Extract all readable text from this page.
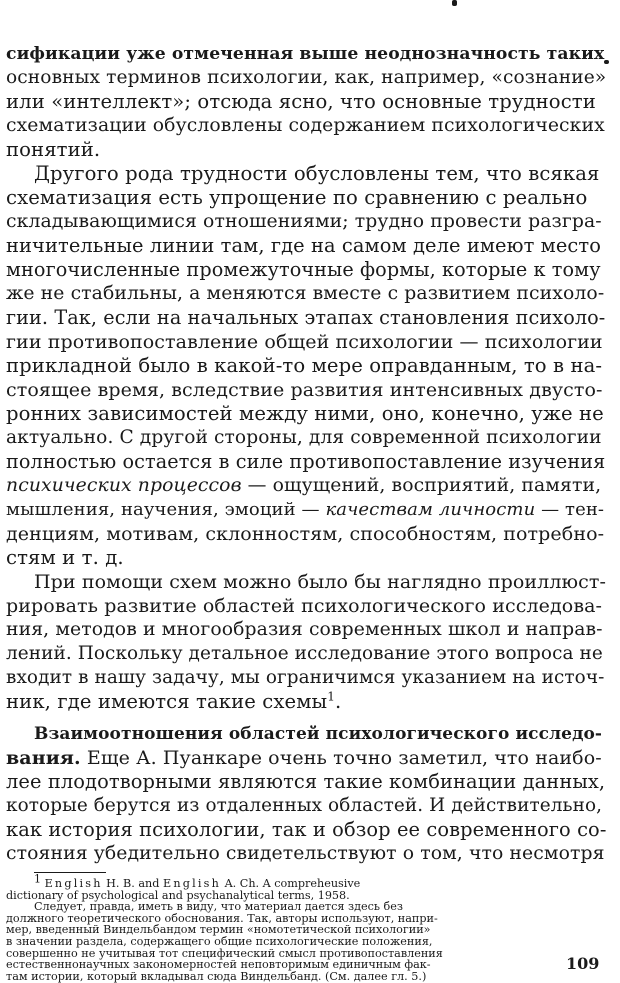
сификации уже отмеченная выше неоднозначность таких
основных терминов психологии, как, например, «сознание»
или «интеллект»; отсюда ясно, что основные трудности
схематизации обусловлены содержанием психологических
понятий.
Другого рода трудности обусловлены тем, что всякая
схематизация есть упрощение по сравнению с реально
складывающимися отношениями; трудно провести разгра-
ничительные линии там, где на самом деле имеют место
многочисленные промежуточные формы, которые к тому
же не стабильны, а меняются вместе с развитием психоло-
гии. Так, если на начальных этапах становления психоло-
гии противопоставление общей психологии — психологии
прикладной было в какой-то мере оправданным, то в на-
стоящее время, вследствие развития интенсивных двусто-
ронних зависимостей между ними, оно, конечно, уже не
актуально. С другой стороны, для современной психологии
полностью остается в силе противопоставление изучения
психических процессов — ощущений, восприятий, памяти,
мышления, научения, эмоций — качествам личности — тен-
денциям, мотивам, склонностям, способностям, потребно-
стям и т. д.
При помощи схем можно было бы наглядно проиллюст-
рировать развитие областей психологического исследова-
ния, методов и многообразия современных школ и направ-
лений. Поскольку детальное исследование этого вопроса не
входит в нашу задачу, мы ограничимся указанием на источ-
ник, где имеются такие схемы$^1$.
Взаимоотношения областей психологического исследо-
вания. Еще А. Пуанкаре очень точно заметил, что наибо-
лее плодотворными являются такие комбинации данных,
которые берутся из отдаленных областей. И действительно,
как история психологии, так и обзор ее современного со-
стояния убедительно свидетельствуют о том, что несмотря
1 English H. B. and English A. Ch. A compreheusive
dictionary of psychological and psychanalytical terms, 1958.
Следует, правда, иметь в виду, что материал дается здесь без
должного теоретического обоснования. Так, авторы используют, напри-
мер, введенный Виндельбандом термин «номотетической психологии»
в значении раздела, содержащего общие психологические положения,
совершенно не учитывая тот специфический смысл противопоставления
естественнонаучных закономерностей неповторимым единичным фак-
там истории, который вкладывал сюда Виндельбанд. (См. далее гл. 5.)
109
